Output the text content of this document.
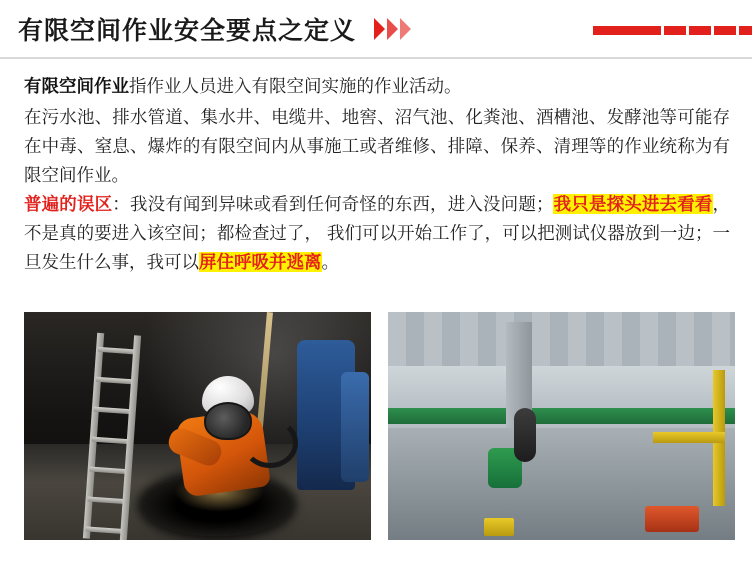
有限空间作业安全要点之定义

有限空间作业指作业人员进入有限空间实施的作业活动。

在污水池、排水管道、集水井、电缆井、地窖、沼气池、化粪池、酒槽池、发酵池等可能存在中毒、窒息、爆炸的有限空间内从事施工或者维修、排障、保养、清理等的作业统称为有限空间作业。

普遍的误区：我没有闻到异味或看到任何奇怪的东西，进入没问题；我只是探头进去看看，不是真的要进入该空间；都检查过了， 我们可以开始工作了，可以把测试仪器放到一边；一旦发生什么事，我可以屏住呼吸并逃离。
